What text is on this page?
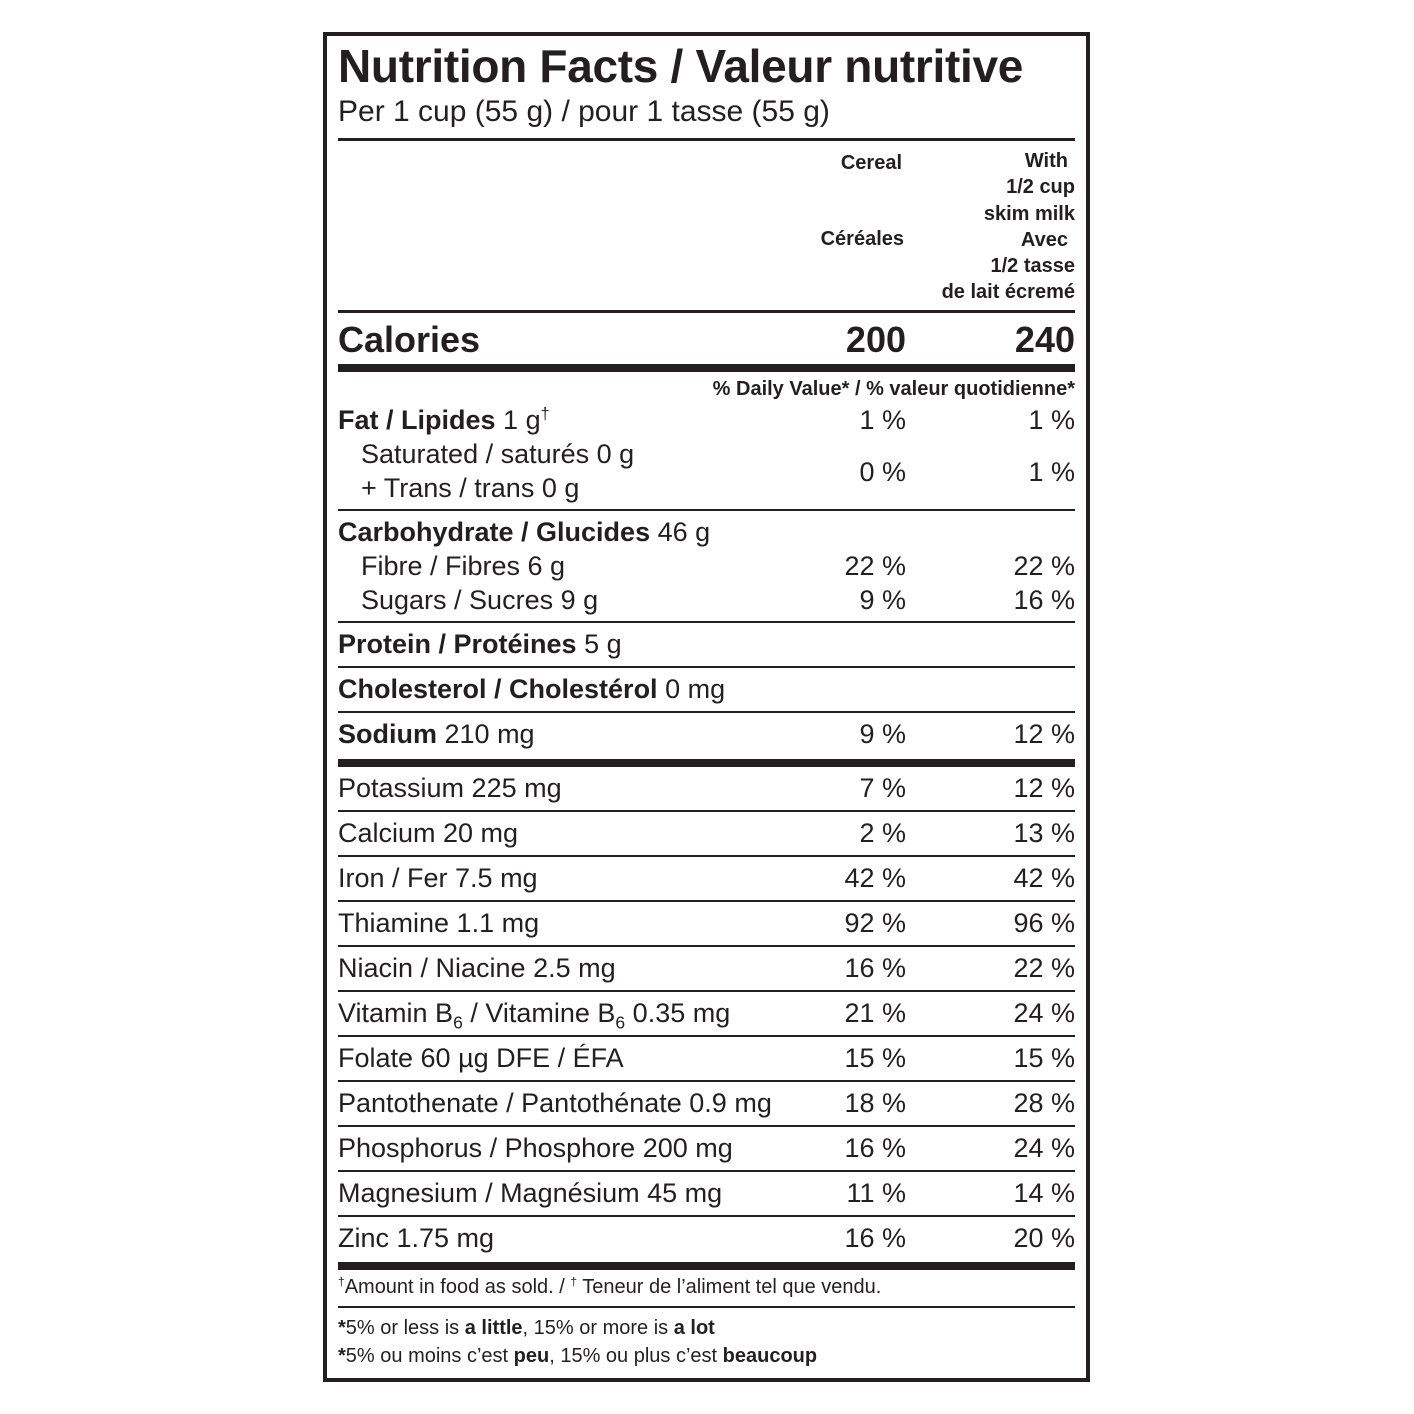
Nutrition Facts / Valeur nutritive
Per 1 cup (55 g) / pour 1 tasse (55 g)
Cereal
Céréales
With
1/2 cup
skim milk
Avec
1/2 tasse
de lait écremé
Calories	200	240
% Daily Value* / % valeur quotidienne*
Fat / Lipides 1 g†	1 %	1 %
Saturated / saturés 0 g
+ Trans / trans 0 g
0 %	1 %
Carbohydrate / Glucides 46 g
Fibre / Fibres 6 g	22 %	22 %
Sugars / Sucres 9 g	9 %	16 %
Protein / Protéines 5 g
Cholesterol / Cholestérol 0 mg
Sodium 210 mg	9 %	12 %
Potassium 225 mg	7 %	12 %
Calcium 20 mg	2 %	13 %
Iron / Fer 7.5 mg	42 %	42 %
Thiamine 1.1 mg	92 %	96 %
Niacin / Niacine 2.5 mg	16 %	22 %
Vitamin $B_6$ / Vitamine $B_6$ 0.35 mg	21 %	24 %
Folate 60 µg DFE / ÉFA	15 %	15 %
Pantothenate / Pantothénate 0.9 mg	18 %	28 %
Phosphorus / Phosphore 200 mg	16 %	24 %
Magnesium / Magnésium 45 mg	11 %	14 %
Zinc 1.75 mg	16 %	20 %
†Amount in food as sold. / † Teneur de l’aliment tel que vendu.
*5% or less is a little, 15% or more is a lot
*5% ou moins c’est peu, 15% ou plus c’est beaucoup
